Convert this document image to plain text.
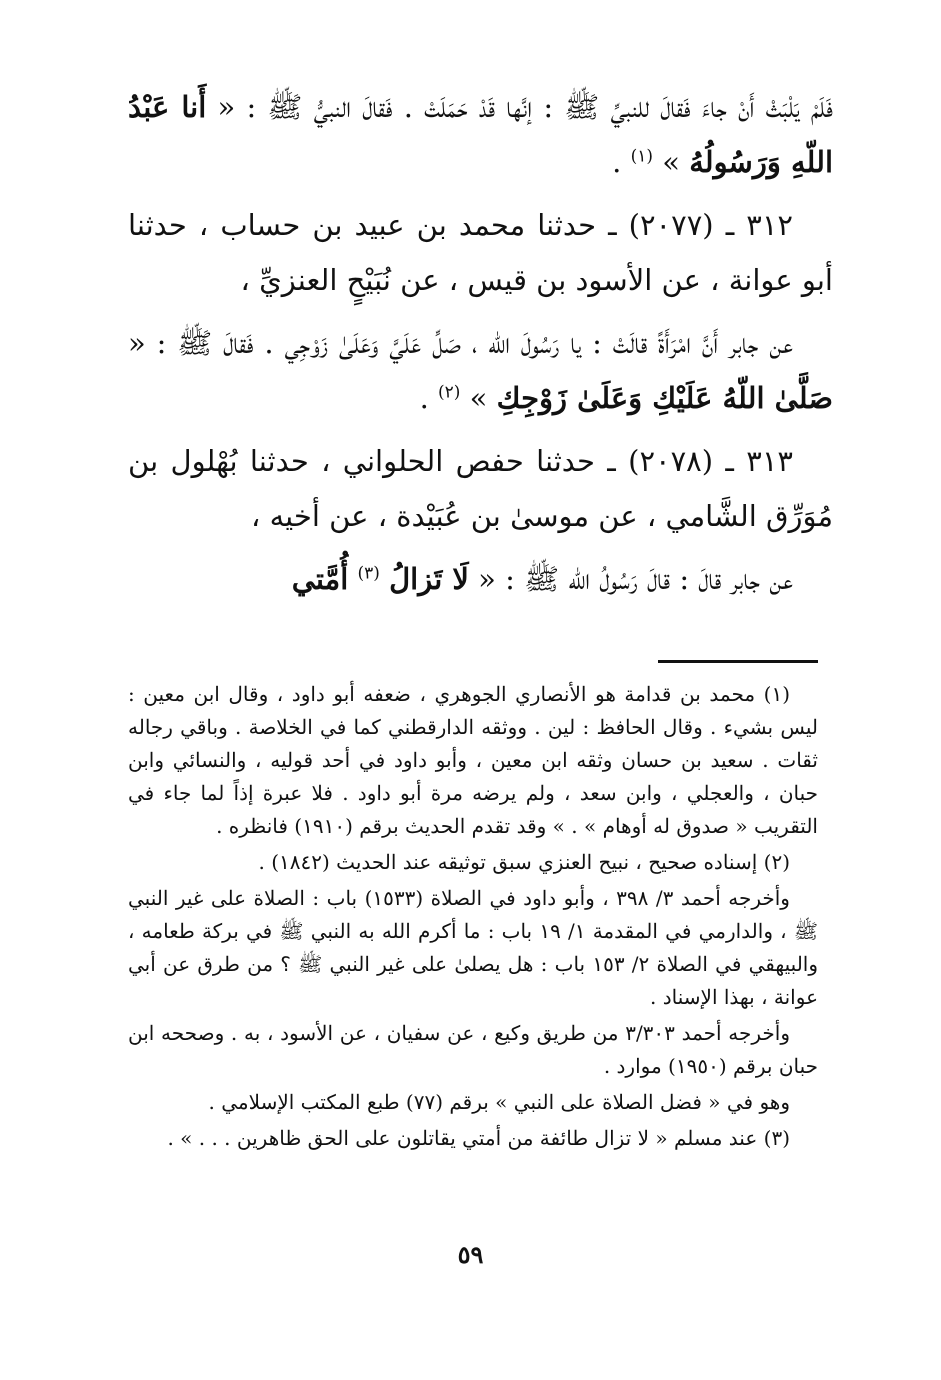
فَلَمْ يَلْبَثْ أَنْ جاءَ فَقالَ للنبيِّ ﷺ : إنَّها قَدْ حَمَلَتْ . فَقالَ النبيُّ ﷺ : « أَنا عَبْدُ اللّهِ وَرَسُولُهُ » $^{(١)}$ .

٣١٢ ـ (٢٠٧٧) ـ حدثنا محمد بن عبيد بن حساب ، حدثنا أبو عوانة ، عن الأسود بن قيس ، عن نُبَيْحٍ العنزيِّ ،

عن جابر أَنَّ امْرَأَةً قالَتْ : يا رَسُولَ الله ، صَلِّ عَلَيَّ وَعَلَىٰ زَوْجِي . فَقالَ ﷺ : « صَلَّىٰ اللّهُ عَلَيْكِ وَعَلَىٰ زَوْجِكِ » $^{(٢)}$ .

٣١٣ ـ (٢٠٧٨) ـ حدثنا حفص الحلواني ، حدثنا بُهْلول بن مُوَرِّق الشَّامي ، عن موسىٰ بن عُبَيْدة ، عن أخيه ،

عن جابر قالَ : قالَ رَسُولُ الله ﷺ : « لَا تَزالُ $^{(٣)}$ أُمَّتي

(١) محمد بن قدامة هو الأنصاري الجوهري ، ضعفه أبو داود ، وقال ابن معين : ليس بشيء . وقال الحافظ : لين . ووثقه الدارقطني كما في الخلاصة . وباقي رجاله ثقات . سعيد بن حسان وثقه ابن معين ، وأبو داود في أحد قوليه ، والنسائي وابن حبان ، والعجلي ، وابن سعد ، ولم يرضه مرة أبو داود . فلا عبرة إذاً لما جاء في التقريب « صدوق له أوهام » . » وقد تقدم الحديث برقم (١٩١٠) فانظره .

(٢) إسناده صحيح ، نبيح العنزي سبق توثيقه عند الحديث (١٨٤٢) .

وأخرجه أحمد ٣/ ٣٩٨ ، وأبو داود في الصلاة (١٥٣٣) باب : الصلاة على غير النبي ﷺ ، والدارمي في المقدمة ١/ ١٩ باب : ما أكرم الله به النبي ﷺ في بركة طعامه ، والبيهقي في الصلاة ٢/ ١٥٣ باب : هل يصلىٰ على غير النبي ﷺ ؟ من طرق عن أبي عوانة ، بهذا الإسناد .

وأخرجه أحمد ٣/٣٠٣ من طريق وكيع ، عن سفيان ، عن الأسود ، به . وصححه ابن حبان برقم (١٩٥٠) موارد .

وهو في « فضل الصلاة على النبي » برقم (٧٧) طبع المكتب الإسلامي .

(٣) عند مسلم « لا تزال طائفة من أمتي يقاتلون على الحق ظاهرين . . . » .

٥٩
